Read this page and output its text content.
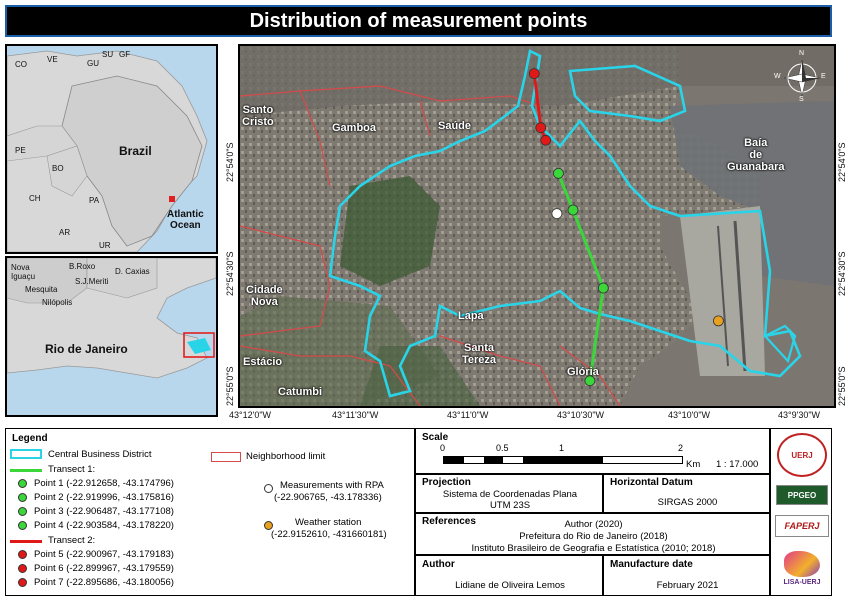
Distribution of measurement points
CO
VE	GU
SU GF
PE
BO
CH	PA
AR
UR
Brazil
Atlantic
Ocean
Nova
Iguaçu
B.Roxo
D. Caxias
S.J.Meriti
Mesquita
Nilópolis
Rio de Janeiro
Santo
Cristo	Gamboa	Saúde
Cidade
Nova
Lapa
Estácio
Catumbi
Santa
Tereza
Glória
Baía
de
Guanabara
N
E
S
W
43°12'0"W	43°11'30"W	43°11'0"W	43°10'30"W	43°10'0"W	43°9'30"W
22°54'0"S
22°54'30"S
22°55'0"S
22°54'0"S
22°54'30"S
22°55'0"S
Legend
Central Business District	Neighborhood limit
Transect 1:
Point 1 (-22.912658, -43.174796)
Point 2 (-22.919996, -43.175816)
Point 3 (-22.906487, -43.177108)
Point 4 (-22.903584, -43.178220)
Transect 2:
Point 5 (-22.900967, -43.179183)
Point 6 (-22.899967, -43.179559)
Point 7 (-22.895686, -43.180056)
Measurements with RPA
(-22.906765, -43.178336)
Weather station
(-22.9152610, -431660181)
Scale
0	0.5	1	2
Km 1 : 17.000
Projection
Sistema de Coordenadas Plana
UTM 23S
Horizontal Datum
SIRGAS 2000
References	Author (2020)
Prefeitura do Rio de Janeiro (2018)
Instituto Brasileiro de Geografia e Estatística (2010; 2018)
Author
Lidiane de Oliveira Lemos
Manufacture date
February 2021
UERJ
PPGEO
FAPERJ
LISA-UERJ
